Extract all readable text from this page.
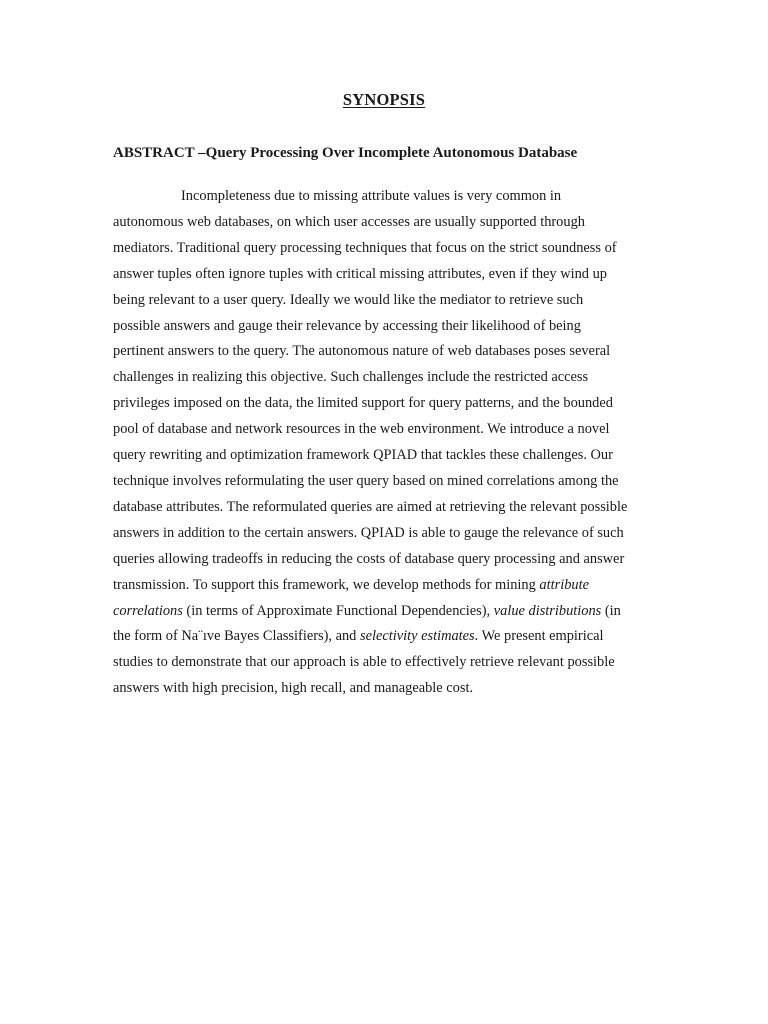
SYNOPSIS
ABSTRACT –Query Processing Over Incomplete Autonomous Database
Incompleteness due to missing attribute values is very common in
autonomous web databases, on which user accesses are usually supported through
mediators. Traditional query processing techniques that focus on the strict soundness of
answer tuples often ignore tuples with critical missing attributes, even if they wind up
being relevant to a user query. Ideally we would like the mediator to retrieve such
possible answers and gauge their relevance by accessing their likelihood of being
pertinent answers to the query. The autonomous nature of web databases poses several
challenges in realizing this objective. Such challenges include the restricted access
privileges imposed on the data, the limited support for query patterns, and the bounded
pool of database and network resources in the web environment. We introduce a novel
query rewriting and optimization framework QPIAD that tackles these challenges. Our
technique involves reformulating the user query based on mined correlations among the
database attributes. The reformulated queries are aimed at retrieving the relevant possible
answers in addition to the certain answers. QPIAD is able to gauge the relevance of such
queries allowing tradeoffs in reducing the costs of database query processing and answer
transmission. To support this framework, we develop methods for mining attribute
correlations (in terms of Approximate Functional Dependencies), value distributions (in
the form of Na¨ıve Bayes Classifiers), and selectivity estimates. We present empirical
studies to demonstrate that our approach is able to effectively retrieve relevant possible
answers with high precision, high recall, and manageable cost.
